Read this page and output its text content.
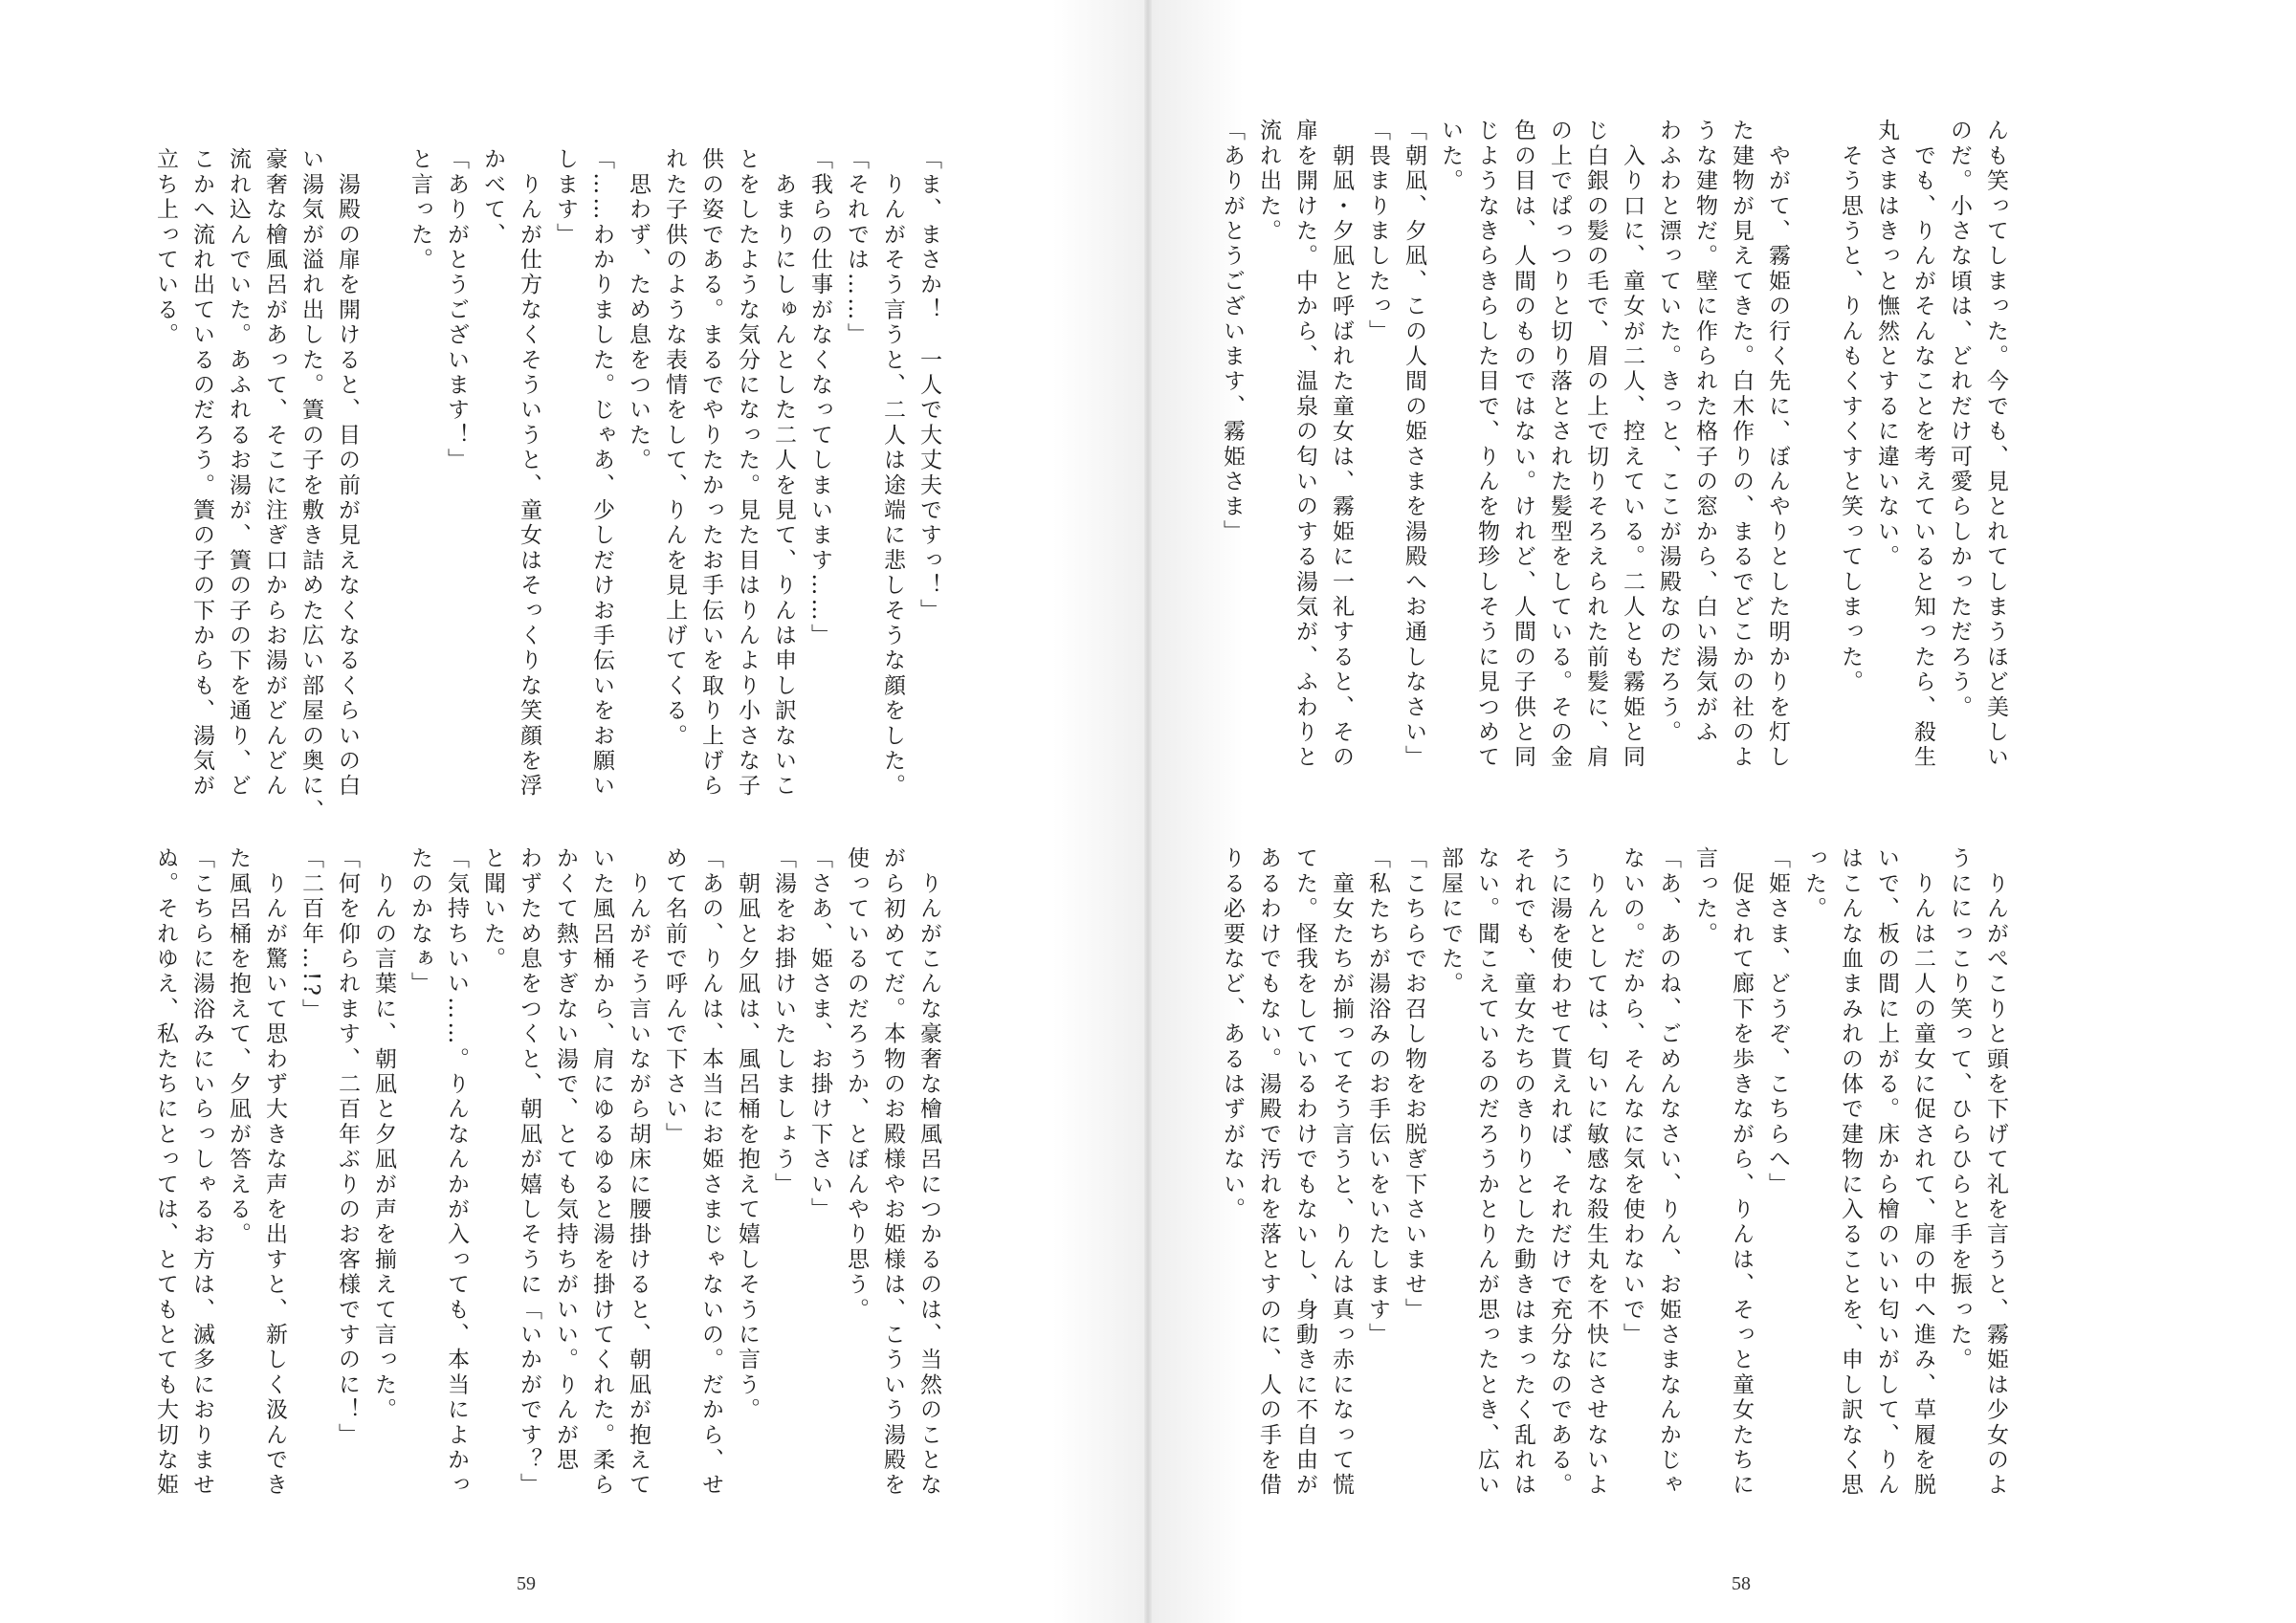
「ま、まさか！　一人で大丈夫ですっ！」

　りんがそう言うと、二人は途端に悲しそうな顔をした。

「それでは……」

「我らの仕事がなくなってしまいます……」

　あまりにしゅんとした二人を見て、りんは申し訳ないこ

とをしたような気分になった。見た目はりんより小さな子

供の姿である。まるでやりたかったお手伝いを取り上げら

れた子供のような表情をして、りんを見上げてくる。

　思わず、ため息をついた。

「……わかりました。じゃあ、少しだけお手伝いをお願い

します」

　りんが仕方なくそういうと、童女はそっくりな笑顔を浮

かべて、

「ありがとうございます！」

と言った。

　湯殿の扉を開けると、目の前が見えなくなるくらいの白

い湯気が溢れ出した。簀の子を敷き詰めた広い部屋の奥に、

豪奢な檜風呂があって、そこに注ぎ口からお湯がどんどん

流れ込んでいた。あふれるお湯が、簀の子の下を通り、ど

こかへ流れ出ているのだろう。簀の子の下からも、湯気が

立ち上っている。

　りんがこんな豪奢な檜風呂につかるのは、当然のことな

がら初めてだ。本物のお殿様やお姫様は、こういう湯殿を

使っているのだろうか、とぼんやり思う。

「さあ、姫さま、お掛け下さい」

「湯をお掛けいたしましょう」

　朝凪と夕凪は、風呂桶を抱えて嬉しそうに言う。

「あの、りんは、本当にお姫さまじゃないの。だから、せ

めて名前で呼んで下さい」

　りんがそう言いながら胡床に腰掛けると、朝凪が抱えて

いた風呂桶から、肩にゆるゆると湯を掛けてくれた。柔ら

かくて熱すぎない湯で、とても気持ちがいい。りんが思

わずため息をつくと、朝凪が嬉しそうに「いかがです？」

と聞いた。

「気持ちいい……。りんなんかが入っても、本当によかっ

たのかなぁ」

　りんの言葉に、朝凪と夕凪が声を揃えて言った。

「何を仰られます、二百年ぶりのお客様ですのに！」

「二百年…!?」

　りんが驚いて思わず大きな声を出すと、新しく汲んでき

た風呂桶を抱えて、夕凪が答える。

「こちらに湯浴みにいらっしゃるお方は、滅多におりませ

ぬ。それゆえ、私たちにとっては、とてもとても大切な姫

59

んも笑ってしまった。今でも、見とれてしまうほど美しい

のだ。小さな頃は、どれだけ可愛らしかっただろう。

　でも、りんがそんなことを考えていると知ったら、殺生

丸さまはきっと憮然とするに違いない。

　そう思うと、りんもくすくすと笑ってしまった。

　やがて、霧姫の行く先に、ぼんやりとした明かりを灯し

た建物が見えてきた。白木作りの、まるでどこかの社のよ

うな建物だ。壁に作られた格子の窓から、白い湯気がふ

わふわと漂っていた。きっと、ここが湯殿なのだろう。

　入り口に、童女が二人、控えている。二人とも霧姫と同

じ白銀の髪の毛で、眉の上で切りそろえられた前髪に、肩

の上でぱっつりと切り落とされた髪型をしている。その金

色の目は、人間のものではない。けれど、人間の子供と同

じようなきらきらした目で、りんを物珍しそうに見つめて

いた。

「朝凪、夕凪、この人間の姫さまを湯殿へお通しなさい」

「畏まりましたっ」

　朝凪・夕凪と呼ばれた童女は、霧姫に一礼すると、その

扉を開けた。中から、温泉の匂いのする湯気が、ふわりと

流れ出た。

「ありがとうございます、霧姫さま」

　りんがぺこりと頭を下げて礼を言うと、霧姫は少女のよ

うににっこり笑って、ひらひらと手を振った。

　りんは二人の童女に促されて、扉の中へ進み、草履を脱

いで、板の間に上がる。床から檜のいい匂いがして、りん

はこんな血まみれの体で建物に入ることを、申し訳なく思

った。

「姫さま、どうぞ、こちらへ」

　促されて廊下を歩きながら、りんは、そっと童女たちに

言った。

「あ、あのね、ごめんなさい、りん、お姫さまなんかじゃ

ないの。だから、そんなに気を使わないで」

　りんとしては、匂いに敏感な殺生丸を不快にさせないよ

うに湯を使わせて貰えれば、それだけで充分なのである。

それでも、童女たちのきりりとした動きはまったく乱れは

ない。聞こえているのだろうかとりんが思ったとき、広い

部屋にでた。

「こちらでお召し物をお脱ぎ下さいませ」

「私たちが湯浴みのお手伝いをいたします」

　童女たちが揃ってそう言うと、りんは真っ赤になって慌

てた。怪我をしているわけでもないし、身動きに不自由が

あるわけでもない。湯殿で汚れを落とすのに、人の手を借

りる必要など、あるはずがない。

58
